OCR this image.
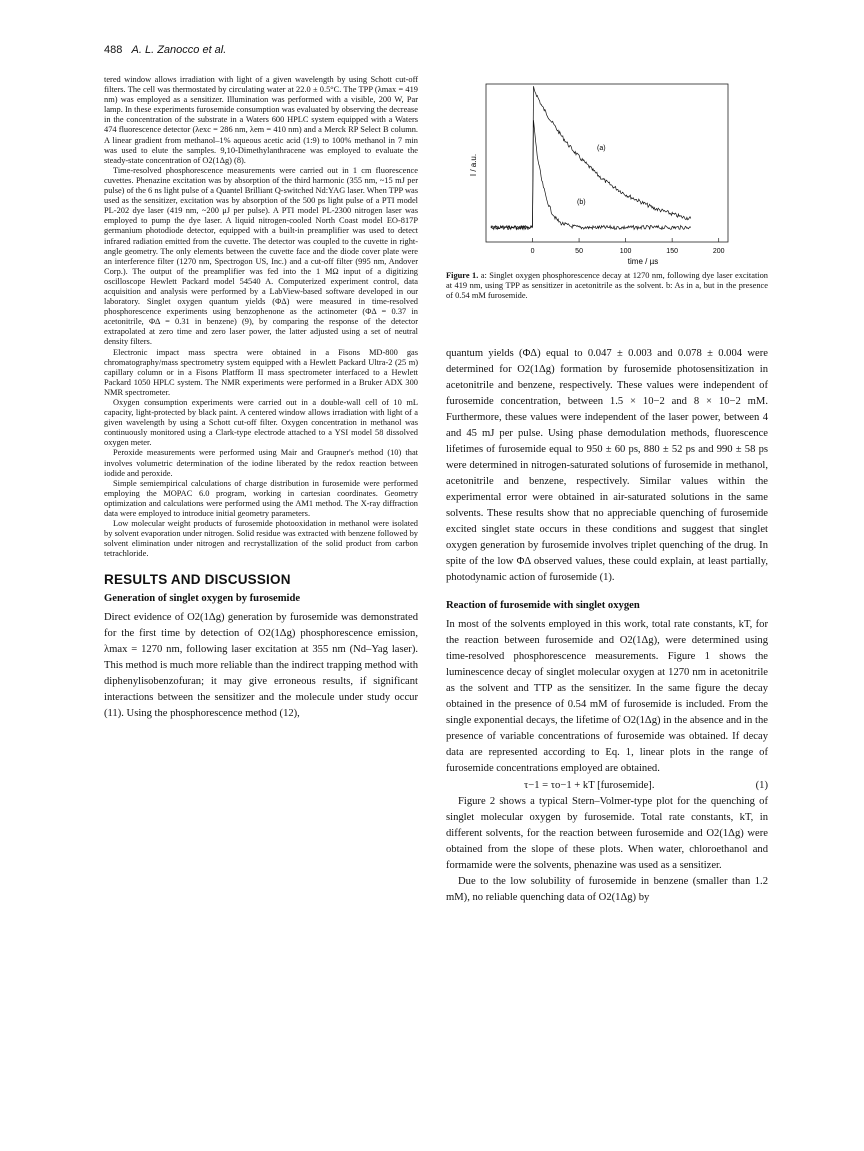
488 A. L. Zanocco et al.

tered window allows irradiation with light of a given wavelength by using Schott cut-off filters. The cell was thermostated by circulating water at 22.0 ± 0.5°C. The TPP (λmax = 419 nm) was employed as a sensitizer. Illumination was performed with a visible, 200 W, Par lamp. In these experiments furosemide consumption was evaluated by observing the decrease in the concentration of the substrate in a Waters 600 HPLC system equipped with a Waters 474 fluorescence detector (λexc = 286 nm, λem = 410 nm) and a Merck RP Select B column. A linear gradient from methanol–1% aqueous acetic acid (1:9) to 100% methanol in 7 min was used to elute the samples. 9,10-Dimethylanthracene was employed to evaluate the steady-state concentration of O2(1Δg) (8).

Time-resolved phosphorescence measurements were carried out in 1 cm fluorescence cuvettes. Phenazine excitation was by absorption of the third harmonic (355 nm, ~15 mJ per pulse) of the 6 ns light pulse of a Quantel Brilliant Q-switched Nd:YAG laser. When TPP was used as the sensitizer, excitation was by absorption of the 500 ps light pulse of a PTI model PL-202 dye laser (419 nm, ~200 μJ per pulse). A PTI model PL-2300 nitrogen laser was employed to pump the dye laser. A liquid nitrogen-cooled North Coast model EO-817P germanium photodiode detector, equipped with a built-in preamplifier was used to detect infrared radiation emitted from the cuvette. The detector was coupled to the cuvette in right-angle geometry. The only elements between the cuvette face and the diode cover plate were an interference filter (1270 nm, Spectrogon US, Inc.) and a cut-off filter (995 nm, Andover Corp.). The output of the preamplifier was fed into the 1 MΩ input of a digitizing oscilloscope Hewlett Packard model 54540 A. Computerized experiment control, data acquisition and analysis were performed by a LabView-based software developed in our laboratory. Singlet oxygen quantum yields (ΦΔ) were measured in time-resolved phosphorescence experiments using benzophenone as the actinometer (ΦΔ = 0.37 in acetonitrile, ΦΔ = 0.31 in benzene) (9), by comparing the response of the detector extrapolated at zero time and zero laser power, the latter adjusted using a set of neutral density filters.

Electronic impact mass spectra were obtained in a Fisons MD-800 gas chromatography/mass spectrometry system equipped with a Hewlett Packard Ultra-2 (25 m) capillary column or in a Fisons Platfform II mass spectrometer interfaced to a Hewlett Packard 1050 HPLC system. The NMR experiments were performed in a Bruker ADX 300 NMR spectrometer.

Oxygen consumption experiments were carried out in a double-wall cell of 10 mL capacity, light-protected by black paint. A centered window allows irradiation with light of a given wavelength by using a Schott cut-off filter. Oxygen concentration in methanol was continuously monitored using a Clark-type electrode attached to a YSI model 58 dissolved oxygen meter.

Peroxide measurements were performed using Mair and Graupner's method (10) that involves volumetric determination of the iodine liberated by the redox reaction between iodide and peroxide.

Simple semiempirical calculations of charge distribution in furosemide were performed employing the MOPAC 6.0 program, working in cartesian coordinates. Geometry optimization and calculations were performed using the AM1 method. The X-ray diffraction data were employed to introduce initial geometry parameters.

Low molecular weight products of furosemide photooxidation in methanol were isolated by solvent evaporation under nitrogen. Solid residue was extracted with benzene followed by solvent elimination under nitrogen and recrystallization of the solid product from carbon tetrachloride.

RESULTS AND DISCUSSION
Generation of singlet oxygen by furosemide

Direct evidence of O2(1Δg) generation by furosemide was demonstrated for the first time by detection of O2(1Δg) phosphorescence emission, λmax = 1270 nm, following laser excitation at 355 nm (Nd–Yag laser). This method is much more reliable than the indirect trapping method with diphenylisobenzofuran; it may give erroneous results, if significant interactions between the sensitizer and the molecule under study occur (11). Using the phosphorescence method (12),

0	50	100	150	200
I / a.u.
(a)
(b)
time / µs
Figure 1. a: Singlet oxygen phosphorescence decay at 1270 nm, following dye laser excitation at 419 nm, using TPP as sensitizer in acetonitrile as the solvent. b: As in a, but in the presence of 0.54 mM furosemide.

quantum yields (ΦΔ) equal to 0.047 ± 0.003 and 0.078 ± 0.004 were determined for O2(1Δg) formation by furosemide photosensitization in acetonitrile and benzene, respectively. These values were independent of furosemide concentration, between 1.5 × 10−2 and 8 × 10−2 mM. Furthermore, these values were independent of the laser power, between 4 and 45 mJ per pulse. Using phase demodulation methods, fluorescence lifetimes of furosemide equal to 950 ± 60 ps, 880 ± 52 ps and 990 ± 58 ps were determined in nitrogen-saturated solutions of furosemide in methanol, acetonitrile and benzene, respectively. Similar values within the experimental error were obtained in air-saturated solutions in the same solvents. These results show that no appreciable quenching of furosemide excited singlet state occurs in these conditions and suggest that singlet oxygen generation by furosemide involves triplet quenching of the drug. In spite of the low ΦΔ observed values, these could explain, at least partially, photodynamic action of furosemide (1).

Reaction of furosemide with singlet oxygen

In most of the solvents employed in this work, total rate constants, kT, for the reaction between furosemide and O2(1Δg), were determined using time-resolved phosphorescence measurements. Figure 1 shows the luminescence decay of singlet molecular oxygen at 1270 nm in acetonitrile as the solvent and TTP as the sensitizer. In the same figure the decay obtained in the presence of 0.54 mM of furosemide is included. From the single exponential decays, the lifetime of O2(1Δg) in the absence and in the presence of variable concentrations of furosemide was obtained. If decay data are represented according to Eq. 1, linear plots in the range of furosemide concentrations employed are obtained.

τ−1 = τo−1 + kT [furosemide].	(1)

Figure 2 shows a typical Stern–Volmer-type plot for the quenching of singlet molecular oxygen by furosemide. Total rate constants, kT, in different solvents, for the reaction between furosemide and O2(1Δg) were obtained from the slope of these plots. When water, chloroethanol and formamide were the solvents, phenazine was used as a sensitizer.

Due to the low solubility of furosemide in benzene (smaller than 1.2 mM), no reliable quenching data of O2(1Δg) by
